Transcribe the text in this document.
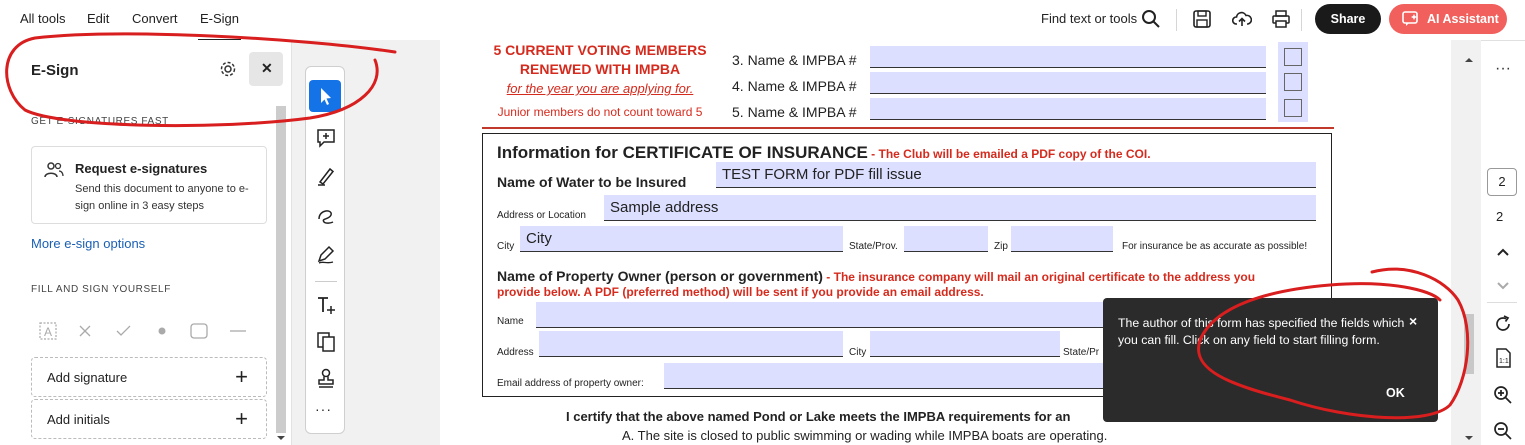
All tools Edit Convert E-Sign	Find text or tools	Share	AI Assistant
E-Sign	✕
GET E-SIGNATURES FAST
Request e-signatures
Send this document to anyone to e-sign online in 3 easy steps
More e-sign options
FILL AND SIGN YOURSELF
A
Add signature	+
Add initials	+	···
5 CURRENT VOTING MEMBERS
RENEWED WITH IMPBA
for the year you are applying for.
Junior members do not count toward 5
3. Name & IMPBA #
4. Name & IMPBA #
5. Name & IMPBA #
Information for CERTIFICATE OF INSURANCE - The Club will be emailed a PDF copy of the COI.
Name of Water to be Insured	TEST FORM for PDF fill issue
Address or Location	Sample address
City City	State/Prov.	Zip	For insurance be as accurate as possible!
Name of Property Owner (person or government) - The insurance company will mail an original certificate to the address you
provide below. A PDF (preferred method) will be sent if you provide an email address.
Name
Address	City	State/Pr
Email address of property owner:
I certify that the above named Pond or Lake meets the IMPBA requirements for an
A. The site is closed to public swimming or wading while IMPBA boats are operating.
···
2
2
1:1
The author of this form has specified the fields which you can fill. Click on any field to start filling form.
×
OK
